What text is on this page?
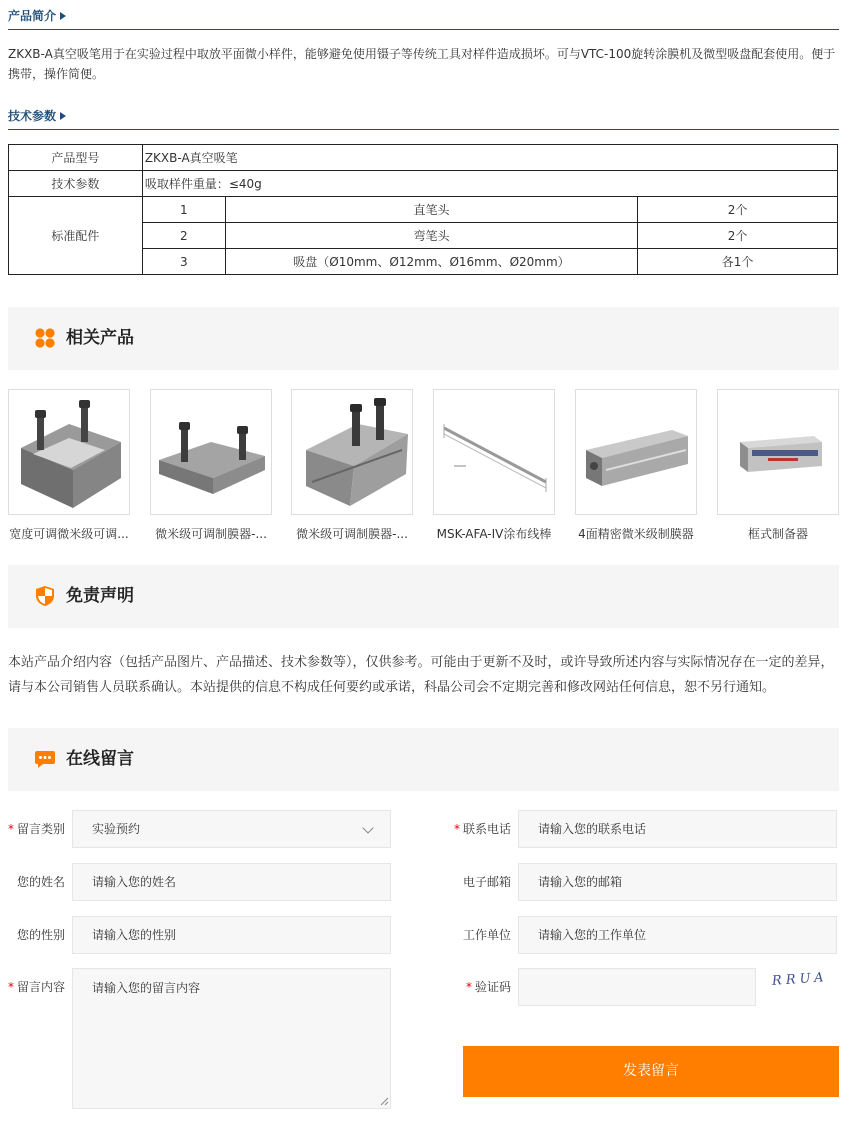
产品简介
ZKXB-A真空吸笔用于在实验过程中取放平面微小样件，能够避免使用镊子等传统工具对样件造成损坏。可与VTC-100旋转涂膜机及微型吸盘配套使用。便于携带，操作简便。
技术参数
产品型号	ZKXB-A真空吸笔		
技术参数	吸取样件重量：≤40g		
标准配件	1	直笔头	2个
	2	弯笔头	2个
	3	吸盘（Ø10mm、Ø12mm、Ø16mm、Ø20mm）	各1个
相关产品
宽度可调微米级可调...	微米级可调制膜器-...	微米级可调制膜器-...	MSK-AFA-IV涂布线棒	4面精密微米级制膜器	框式制备器
免责声明
本站产品介绍内容（包括产品图片、产品描述、技术参数等），仅供参考。可能由于更新不及时，或许导致所述内容与实际情况存在一定的差异，请与本公司销售人员联系确认。本站提供的信息不构成任何要约或承诺，科晶公司会不定期完善和修改网站任何信息，恕不另行通知。
在线留言
* 留言类别	实验预约
您的姓名	请输入您的姓名
您的性别	请输入您的性别
* 留言内容	请输入您的留言内容
* 联系电话	请输入您的联系电话
电子邮箱	请输入您的邮箱
工作单位	请输入您的工作单位
* 验证码	RRUA
发表留言
